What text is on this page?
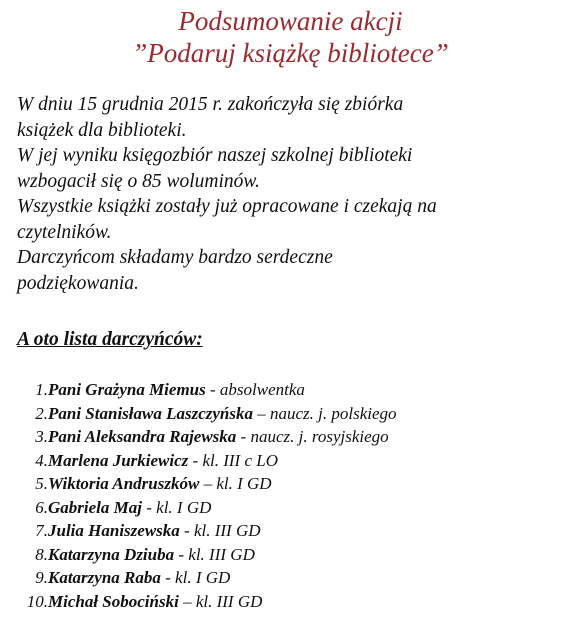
Podsumowanie akcji
”Podaruj książkę bibliotece”

W dniu 15 grudnia 2015 r. zakończyła się zbiórka
książek dla biblioteki.
W jej wyniku księgozbiór naszej szkolnej biblioteki
wzbogacił się o 85 woluminów.
Wszystkie książki zostały już opracowane i czekają na
czytelników.
Darczyńcom składamy bardzo serdeczne
podziękowania.

A oto lista darczyńców:
1.Pani Grażyna Miemus - absolwentka
2.Pani Stanisława Laszczyńska – naucz. j. polskiego
3.Pani Aleksandra Rajewska - naucz. j. rosyjskiego
4.Marlena Jurkiewicz - kl. III c LO
5.Wiktoria Andruszków – kl. I GD
6.Gabriela Maj - kl. I GD
7.Julia Haniszewska - kl. III GD
8.Katarzyna Dziuba - kl. III GD
9.Katarzyna Raba - kl. I GD
10.Michał Sobociński – kl. III GD
